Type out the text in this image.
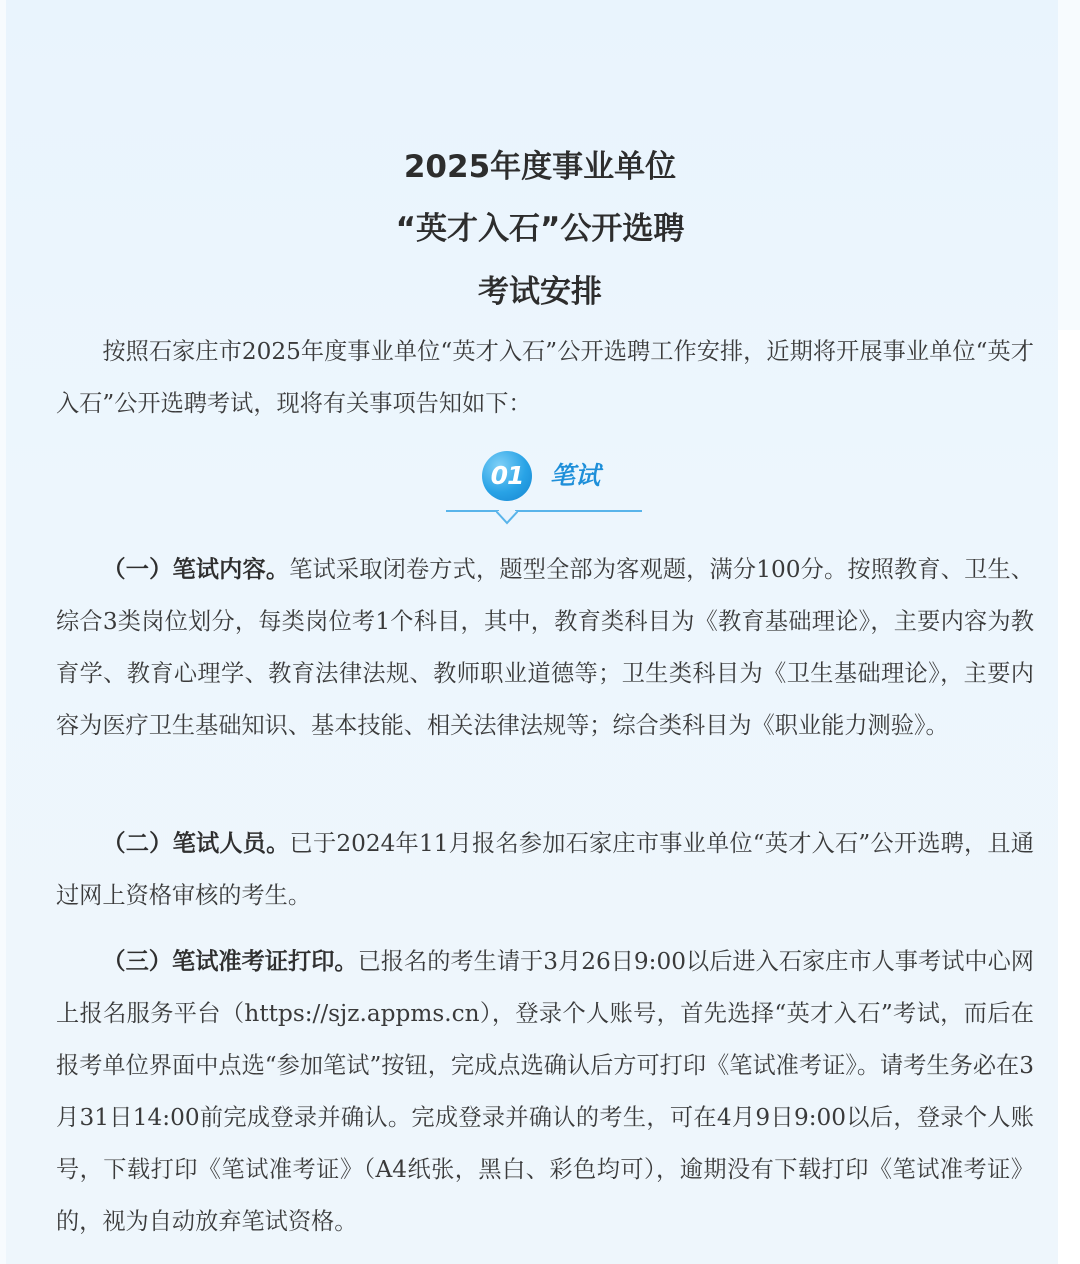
2025年度事业单位
“英才入石”公开选聘
考试安排

按照石家庄市2025年度事业单位“英才入石”公开选聘工作安排，近期将开展事业单位“英才入石”公开选聘考试，现将有关事项告知如下：

01	笔试

（一）笔试内容。笔试采取闭卷方式，题型全部为客观题，满分100分。按照教育、卫生、综合3类岗位划分，每类岗位考1个科目，其中，教育类科目为《教育基础理论》，主要内容为教育学、教育心理学、教育法律法规、教师职业道德等；卫生类科目为《卫生基础理论》，主要内容为医疗卫生基础知识、基本技能、相关法律法规等；综合类科目为《职业能力测验》。

（二）笔试人员。已于2024年11月报名参加石家庄市事业单位“英才入石”公开选聘，且通过网上资格审核的考生。

（三）笔试准考证打印。已报名的考生请于3月26日9:00以后进入石家庄市人事考试中心网上报名服务平台（https://sjz.appms.cn），登录个人账号，首先选择“英才入石”考试，而后在报考单位界面中点选“参加笔试”按钮，完成点选确认后方可打印《笔试准考证》。请考生务必在3月31日14:00前完成登录并确认。完成登录并确认的考生，可在4月9日9:00以后，登录个人账号，下载打印《笔试准考证》（A4纸张，黑白、彩色均可），逾期没有下载打印《笔试准考证》的，视为自动放弃笔试资格。
